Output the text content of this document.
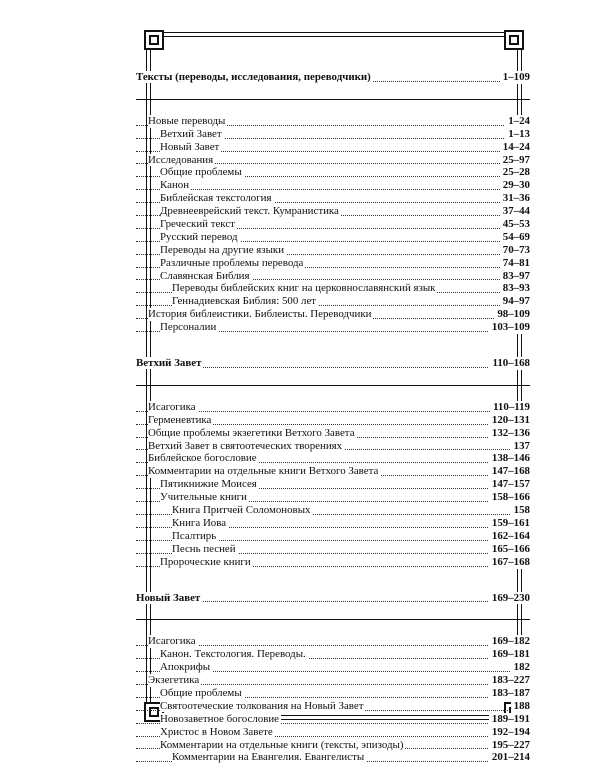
Тексты (переводы, исследования, переводчики)	1–109
Новые переводы	1–24
Ветхий Завет	1–13
Новый Завет	14–24
Исследования	25–97
Общие проблемы	25–28
Канон	29–30
Библейская текстология	31–36
Древнееврейский текст. Кумранистика	37–44
Греческий текст	45–53
Русский перевод	54–69
Переводы на другие языки	70–73
Различные проблемы перевода	74–81
Славянская Библия	83–97
Переводы библейских книг на церковнославянский язык	83–93
Геннадиевская Библия: 500 лет	94–97
История библеистики. Библеисты. Переводчики	98–109
Персоналии	103–109
Ветхий Завет	110–168
Исагогика	110–119
Герменевтика	120–131
Общие проблемы экзегетики Ветхого Завета	132–136
Ветхий Завет в святоотеческих творениях	137
Библейское богословие	138–146
Комментарии на отдельные книги Ветхого Завета	147–168
Пятикнижие Моисея	147–157
Учительные книги	158–166
Книга Притчей Соломоновых	158
Книга Иова	159–161
Псалтирь	162–164
Песнь песней	165–166
Пророческие книги	167–168
Новый Завет	169–230
Исагогика	169–182
Канон. Текстология. Переводы.	169–181
Апокрифы	182
Экзегетика	183–227
Общие проблемы	183–187
Святоотеческие толкования на Новый Завет	188
Новозаветное богословие	189–191
Христос в Новом Завете	192–194
Комментарии на отдельные книги (тексты, эпизоды)	195–227
Комментарии на Евангелия. Евангелисты	201–214
